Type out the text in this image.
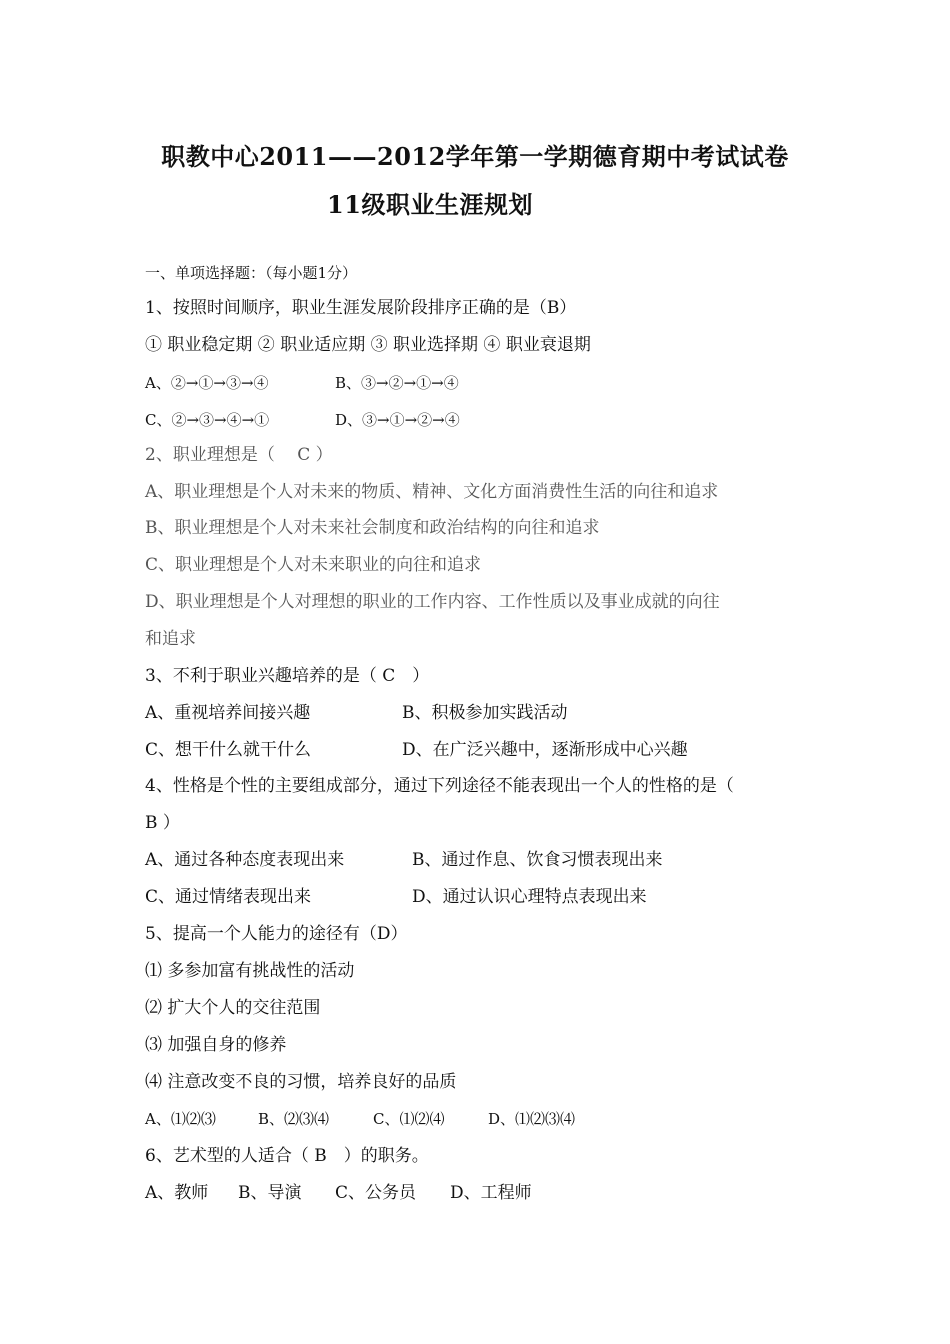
职教中心2011——2012学年第一学期德育期中考试试卷
11级职业生涯规划
一、单项选择题：（每小题1分）
1、按照时间顺序，职业生涯发展阶段排序正确的是（B）
① 职业稳定期 ② 职业适应期 ③ 职业选择期 ④ 职业衰退期
A、②→①→③→④	B、③→②→①→④
C、②→③→④→①	D、③→①→②→④
2、职业理想是（　 C ）
A、职业理想是个人对未来的物质、精神、文化方面消费性生活的向往和追求
B、职业理想是个人对未来社会制度和政治结构的向往和追求
C、职业理想是个人对未来职业的向往和追求
D、职业理想是个人对理想的职业的工作内容、工作性质以及事业成就的向往
和追求
3、不利于职业兴趣培养的是（ C　）
A、重视培养间接兴趣	B、积极参加实践活动
C、想干什么就干什么	D、在广泛兴趣中，逐渐形成中心兴趣
4、性格是个性的主要组成部分，通过下列途径不能表现出一个人的性格的是（
B ）
A、通过各种态度表现出来	B、通过作息、饮食习惯表现出来
C、通过情绪表现出来	D、通过认识心理特点表现出来
5、提高一个人能力的途径有（D）
⑴ 多参加富有挑战性的活动
⑵ 扩大个人的交往范围
⑶ 加强自身的修养
⑷ 注意改变不良的习惯，培养良好的品质
A、⑴⑵⑶	B、⑵⑶⑷	C、⑴⑵⑷	D、⑴⑵⑶⑷
6、艺术型的人适合（ B　）的职务。
A、教师 B、导演 C、公务员 D、工程师
